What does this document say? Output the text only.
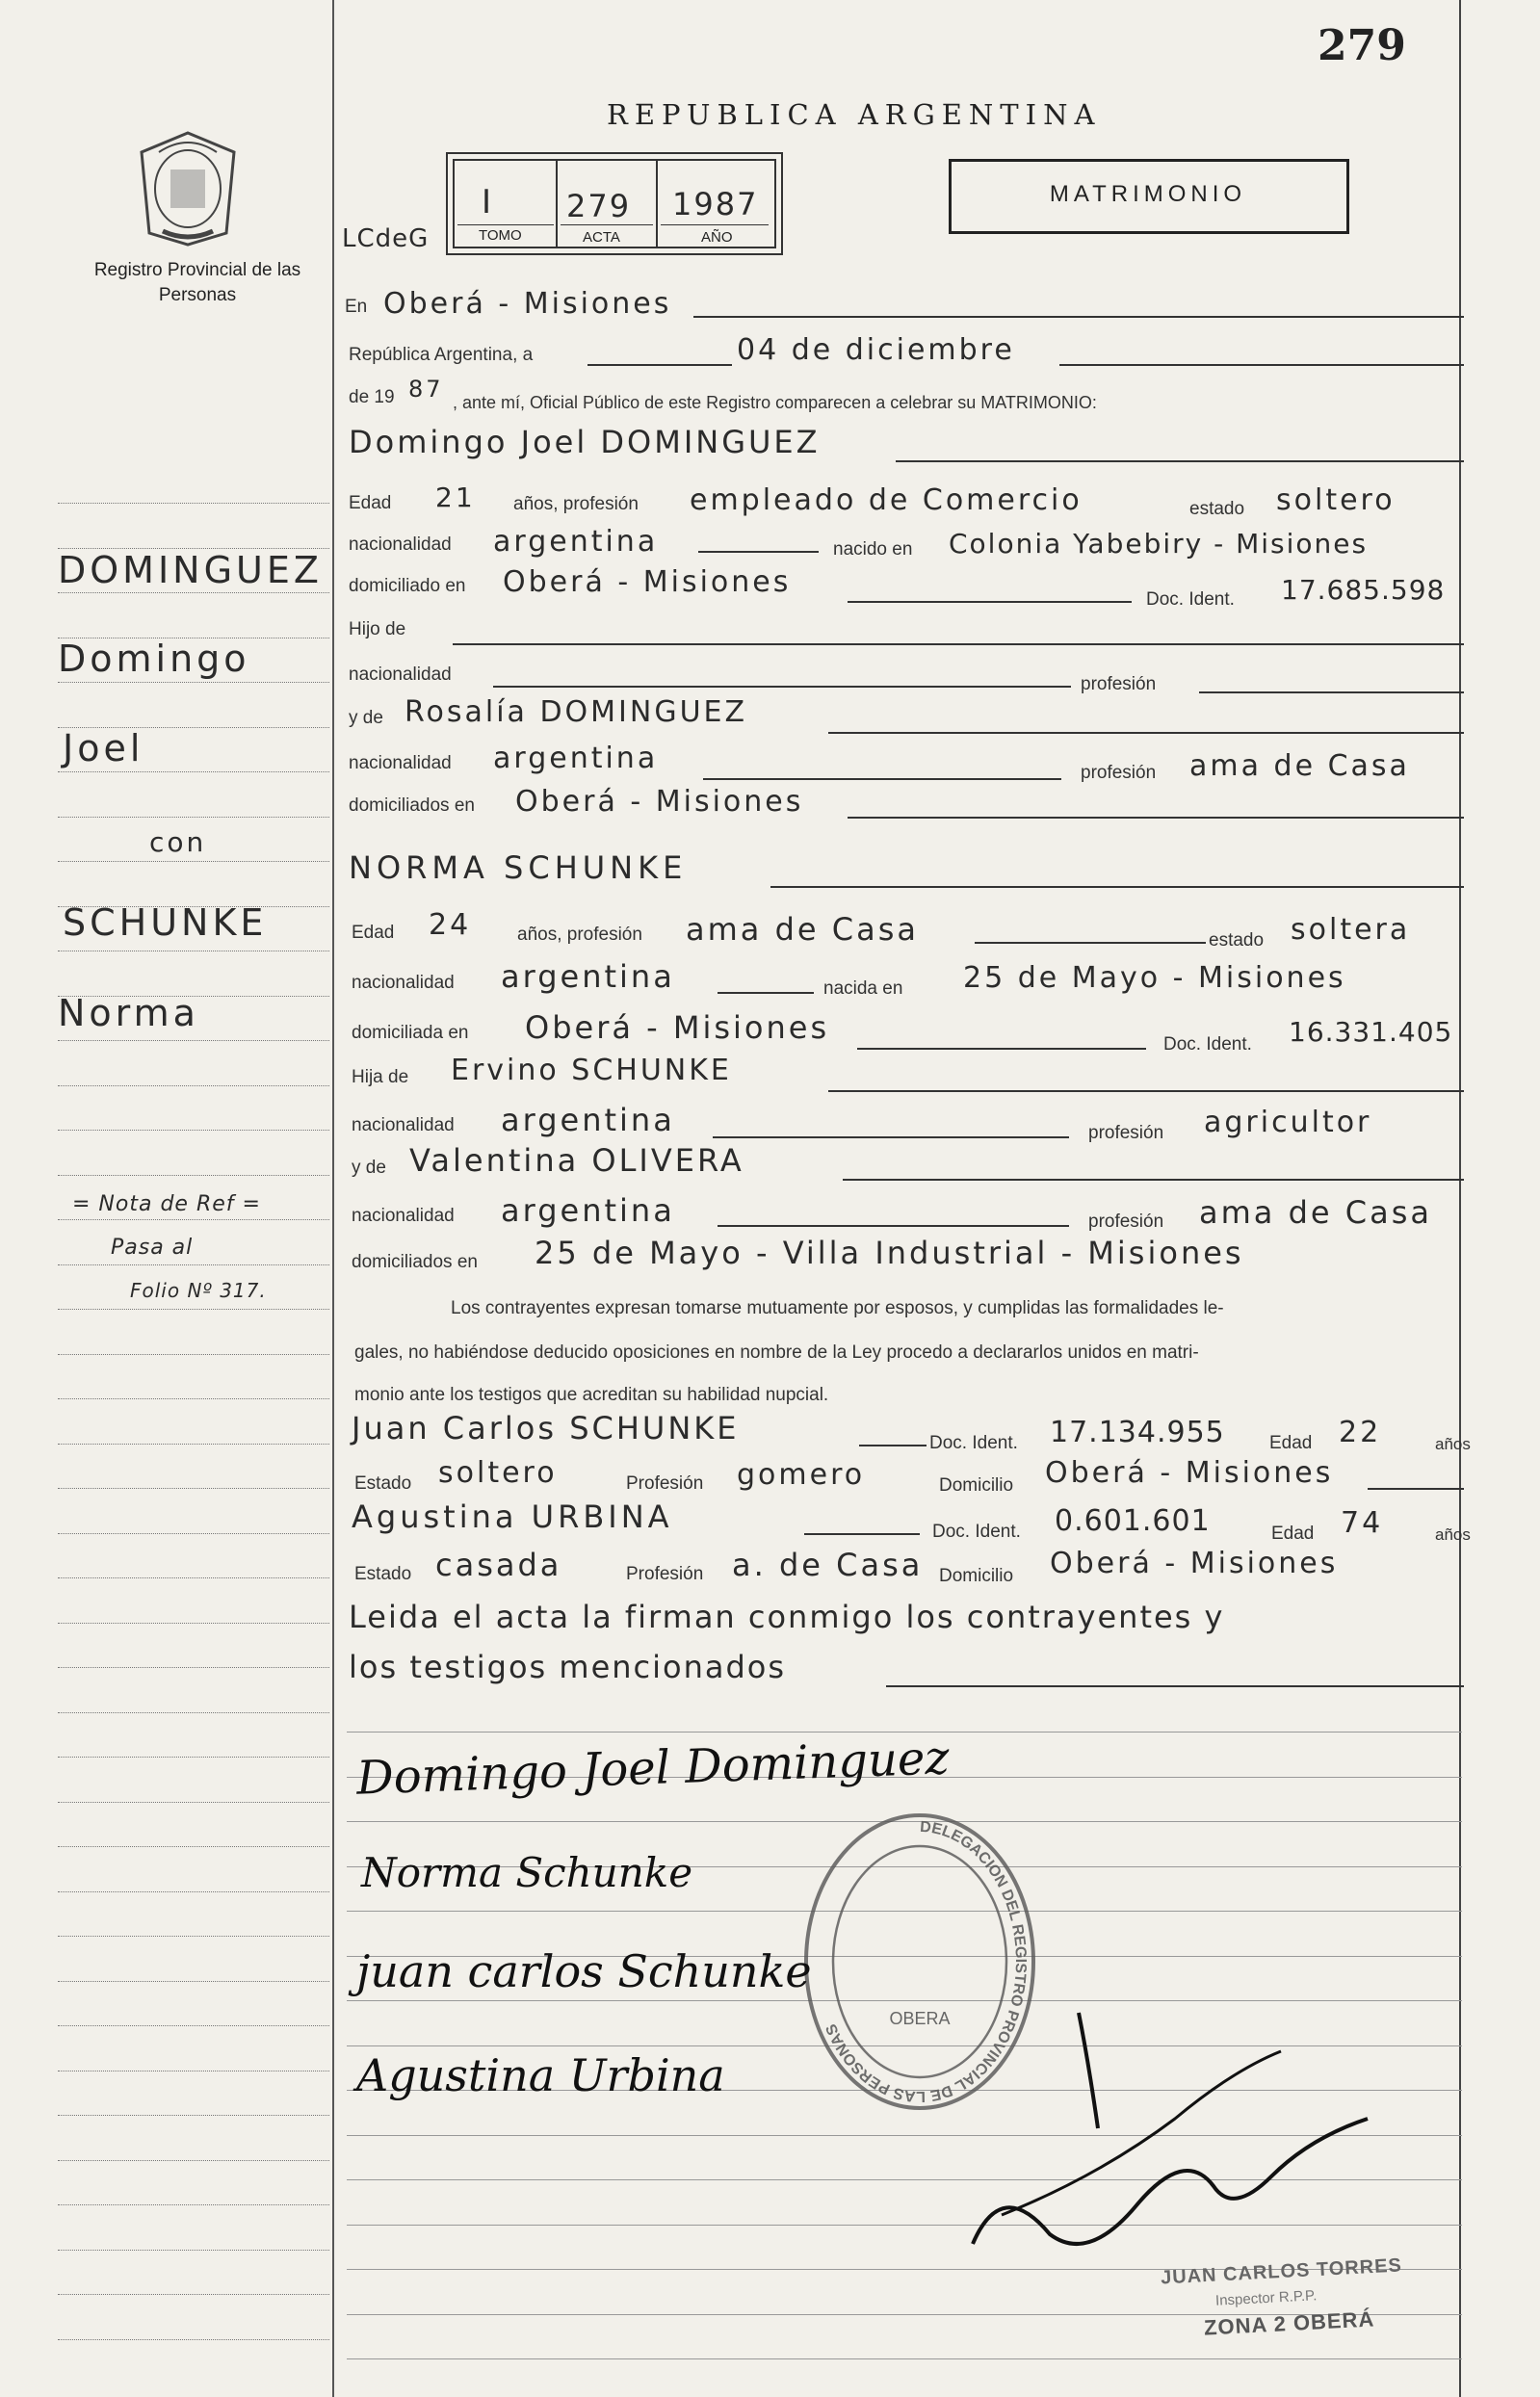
279
Registro Provincial de las Personas
REPUBLICA ARGENTINA
I 279 1987
TOMO	ACTA	AÑO
LCdeG
MATRIMONIO
DOMINGUEZ
Domingo
Joel
con
SCHUNKE
Norma
= Nota de Ref =
Pasa al
Folio Nº 317.
En Oberá - Misiones
República Argentina, a	04 de diciembre
de 19 87 , ante mí, Oficial Público de este Registro comparecen a celebrar su MATRIMONIO:
Domingo Joel DOMINGUEZ
Edad 21 años, profesión empleado de Comercio	estado soltero
nacionalidad argentina	nacido en Colonia Yabebiry - Misiones
domiciliado en Oberá - Misiones
Doc. Ident. 17.685.598
Hijo de
nacionalidad	profesión
y de Rosalía DOMINGUEZ
nacionalidad argentina	profesión ama de Casa
domiciliados en Oberá - Misiones
NORMA SCHUNKE
Edad 24	años, profesión ama de Casa	estado soltera
nacionalidad argentina	nacida en 25 de Mayo - Misiones
domiciliada en Oberá - Misiones	Doc. Ident. 16.331.405
Hija de Ervino SCHUNKE
nacionalidad argentina	profesión agricultor
y de Valentina OLIVERA
nacionalidad argentina	profesión ama de Casa
domiciliados en 25 de Mayo - Villa Industrial - Misiones
Los contrayentes expresan tomarse mutuamente por esposos, y cumplidas las formalidades le-
gales, no habiéndose deducido oposiciones en nombre de la Ley procedo a declararlos unidos en matri-
monio ante los testigos que acreditan su habilidad nupcial.
Juan Carlos SCHUNKE	Doc. Ident. 17.134.955 Edad 22	años
Estado soltero	Profesión gomero	Domicilio Oberá - Misiones
Agustina URBINA	Doc. Ident. 0.601.601	Edad 74	años
Estado casada	Profesión a. de Casa Domicilio Oberá - Misiones
Leida el acta la firman conmigo los contrayentes y
los testigos mencionados
DELEGACION DEL REGISTRO PROVINCIAL DE LAS PERSONAS
OBERA
Domingo Joel Dominguez
Norma Schunke
juan carlos Schunke
Agustina Urbina
JUAN CARLOS TORRES
Inspector R.P.P.
ZONA 2 OBERÁ
